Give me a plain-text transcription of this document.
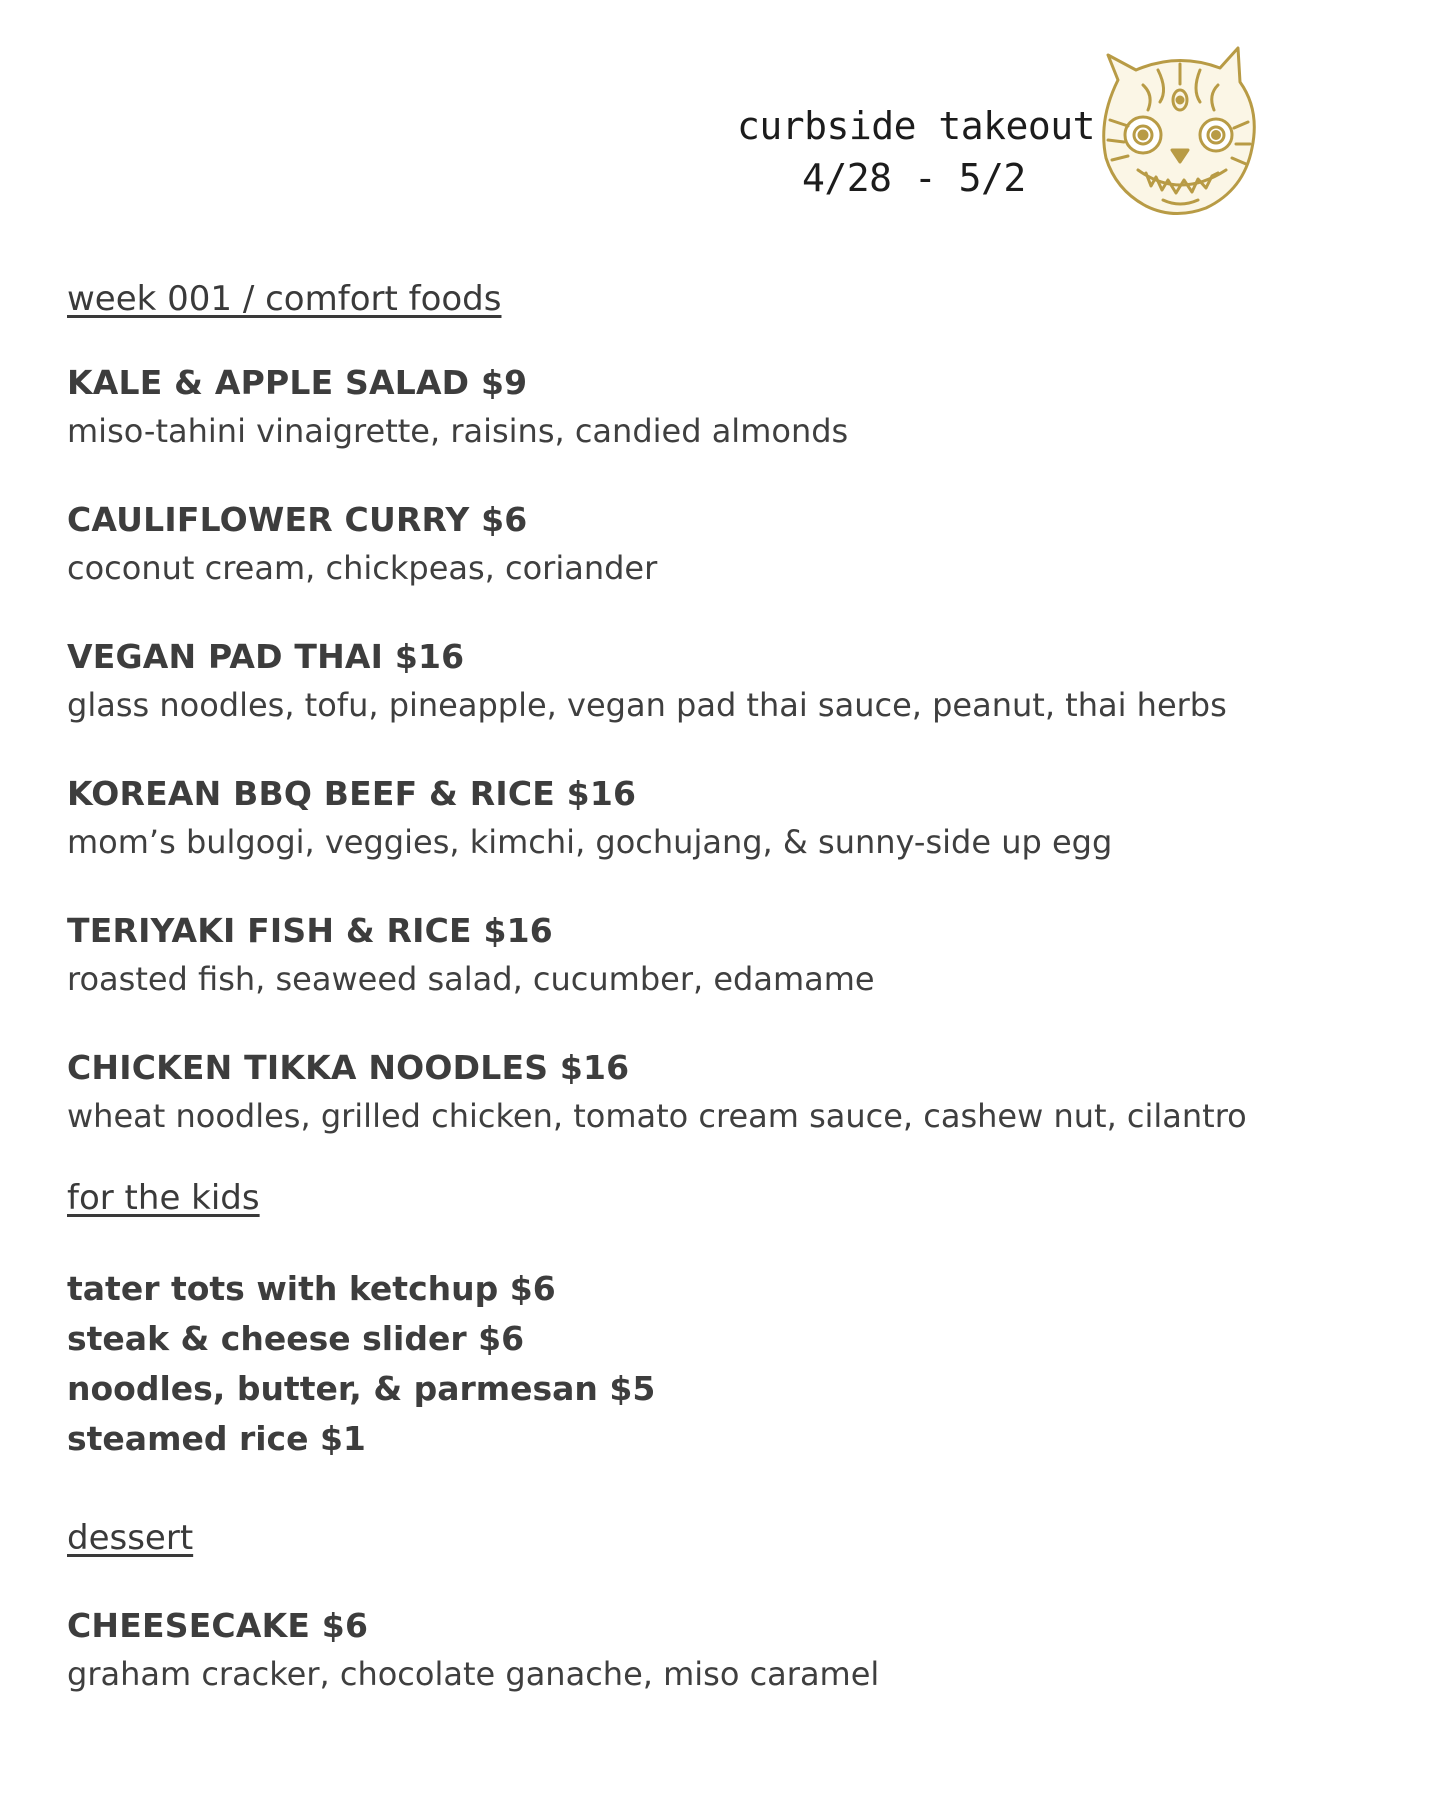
curbside takeout
4/28 - 5/2
week 001 / comfort foods

KALE & APPLE SALAD $9

miso-tahini vinaigrette, raisins, candied almonds

CAULIFLOWER CURRY $6

coconut cream, chickpeas, coriander

VEGAN PAD THAI $16

glass noodles, tofu, pineapple, vegan pad thai sauce, peanut, thai herbs

KOREAN BBQ BEEF & RICE $16

mom’s bulgogi, veggies, kimchi, gochujang, & sunny-side up egg

TERIYAKI FISH & RICE $16

roasted fish, seaweed salad, cucumber, edamame

CHICKEN TIKKA NOODLES $16

wheat noodles, grilled chicken, tomato cream sauce, cashew nut, cilantro

for the kids

tater tots with ketchup $6

steak & cheese slider $6

noodles, butter, & parmesan $5

steamed rice $1

dessert

CHEESECAKE $6

graham cracker, chocolate ganache, miso caramel
